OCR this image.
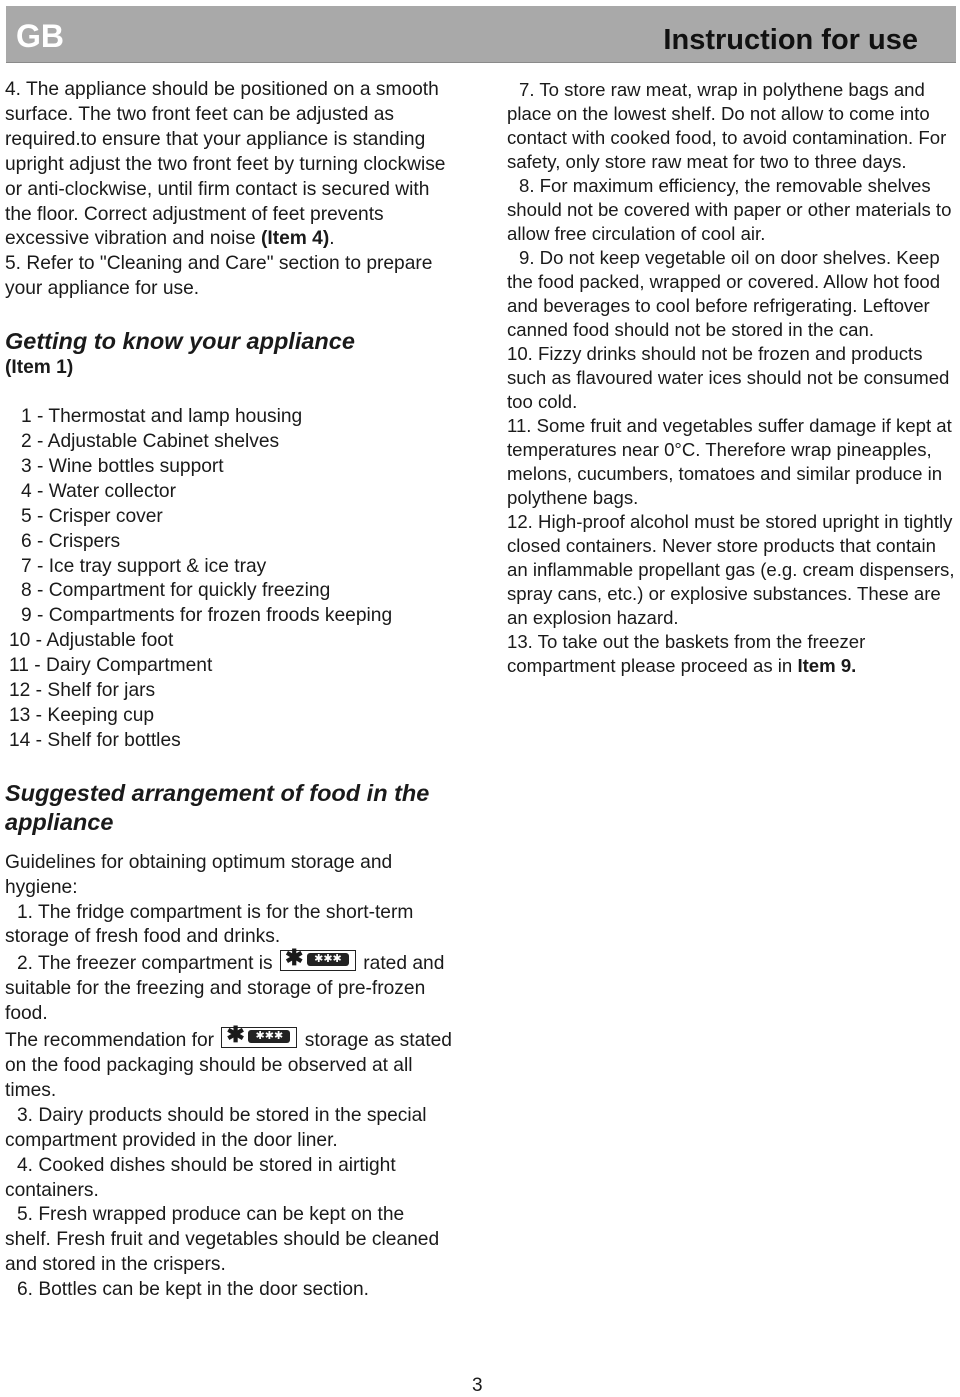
GB	Instruction for use

4. The appliance should be positioned on a smooth surface. The two front feet can be adjusted as required.to ensure that your appliance is standing upright adjust the two front feet by turning clockwise or anti-clockwise, until firm contact is secured with the floor. Correct adjustment of feet prevents excessive vibration and noise (Item 4).

5. Refer to "Cleaning and Care" section to prepare your appliance for use.

Getting to know your appliance

(Item 1)

1 - Thermostat and lamp housing
2 - Adjustable Cabinet shelves
3 - Wine bottles support
4 - Water collector
5 - Crisper cover
6 - Crispers
7 - Ice tray support & ice tray
8 - Compartment for quickly freezing
9 - Compartments for frozen froods keeping
10 - Adjustable foot
11 - Dairy Compartment
12 - Shelf for jars
13 - Keeping cup
14 - Shelf for bottles

Suggested arrangement of food in the appliance

Guidelines for obtaining optimum storage and hygiene:

1. The fridge compartment is for the short-term storage of fresh food and drinks.

2. The freezer compartment is ✱ ✱✱✱	rated and suitable for the freezing and storage of pre-frozen food.

The recommendation for ✱ ✱✱✱	storage as stated on the food packaging should be observed at all times.

3. Dairy products should be stored in the special compartment provided in the door liner.

4. Cooked dishes should be stored in airtight containers.

5. Fresh wrapped produce can be kept on the shelf. Fresh fruit and vegetables should be cleaned and stored in the crispers.

6. Bottles can be kept in the door section.

7. To store raw meat, wrap in polythene bags and place on the lowest shelf. Do not allow to come into contact with cooked food, to avoid contamination. For safety, only store raw meat for two to three days.

8. For maximum efficiency, the removable shelves should not be covered with paper or other materials to allow free circulation of cool air.

9. Do not keep vegetable oil on door shelves. Keep the food packed, wrapped or covered. Allow hot food and beverages to cool before refrigerating. Leftover canned food should not be stored in the can.

10. Fizzy drinks should not be frozen and products such as flavoured water ices should not be consumed too cold.

11. Some fruit and vegetables suffer damage if kept at temperatures near 0°C. Therefore wrap pineapples, melons, cucumbers, tomatoes and similar produce in polythene bags.

12. High-proof alcohol must be stored upright in tightly closed containers. Never store products that contain an inflammable propellant gas (e.g. cream dispensers, spray cans, etc.) or explosive substances. These are an explosion hazard.

13. To take out the baskets from the freezer compartment please proceed as in Item 9.

3
